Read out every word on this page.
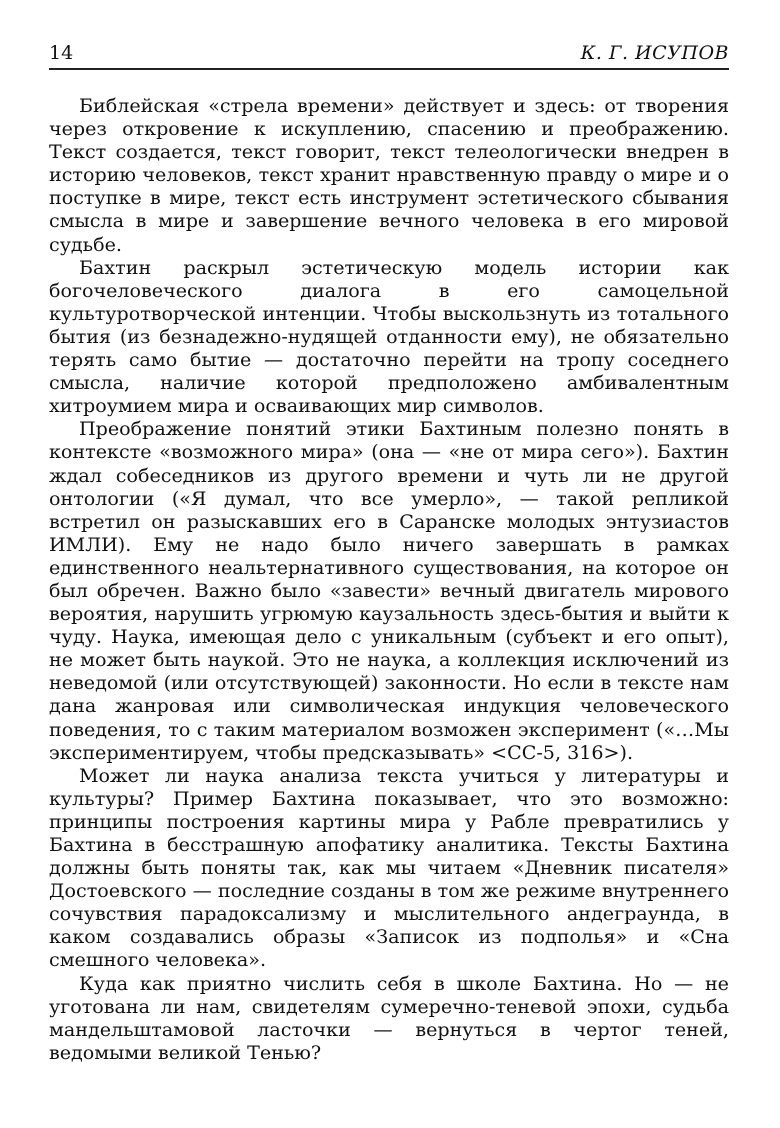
14	К. Г. ИСУПОВ

Библейская «стрела времени» действует и здесь: от творения через откровение к искуплению, спасению и преображению. Текст создается, текст говорит, текст телеологически внедрен в историю человеков, текст хранит нравственную правду о мире и о поступке в мире, текст есть инструмент эстетического сбывания смысла в мире и завершение вечного человека в его мировой судьбе.

Бахтин раскрыл эстетическую модель истории как богочеловеческого диалога в его самоцельной культуротворческой интенции. Чтобы выскользнуть из тотального бытия (из безнадежно-нудящей отданности ему), не обязательно терять само бытие — достаточно перейти на тропу соседнего смысла, наличие которой предположено амбивалентным хитроумием мира и осваивающих мир символов.

Преображение понятий этики Бахтиным полезно понять в контексте «возможного мира» (она — «не от мира сего»). Бахтин ждал собеседников из другого времени и чуть ли не другой онтологии («Я думал, что все умерло», — такой репликой встретил он разыскавших его в Саранске молодых энтузиастов ИМЛИ). Ему не надо было ничего завершать в рамках единственного неальтернативного существования, на которое он был обречен. Важно было «завести» вечный двигатель мирового вероятия, нарушить угрюмую каузальность здесь-бытия и выйти к чуду. Наука, имеющая дело с уникальным (субъект и его опыт), не может быть наукой. Это не наука, а коллекция исключений из неведомой (или отсутствующей) законности. Но если в тексте нам дана жанровая или символическая индукция человеческого поведения, то с таким материалом возможен эксперимент («…Мы экспериментируем, чтобы предсказывать» <СС-5, 316>).

Может ли наука анализа текста учиться у литературы и культуры? Пример Бахтина показывает, что это возможно: принципы построения картины мира у Рабле превратились у Бахтина в бесстрашную апофатику аналитика. Тексты Бахтина должны быть поняты так, как мы читаем «Дневник писателя» Достоевского — последние созданы в том же режиме внутреннего сочувствия парадоксализму и мыслительного андеграунда, в каком создавались образы «Записок из подполья» и «Сна смешного человека».

Куда как приятно числить себя в школе Бахтина. Но — не уготована ли нам, свидетелям сумеречно-теневой эпохи, судьба мандельштамовой ласточки — вернуться в чертог теней, ведомыми великой Тенью?
